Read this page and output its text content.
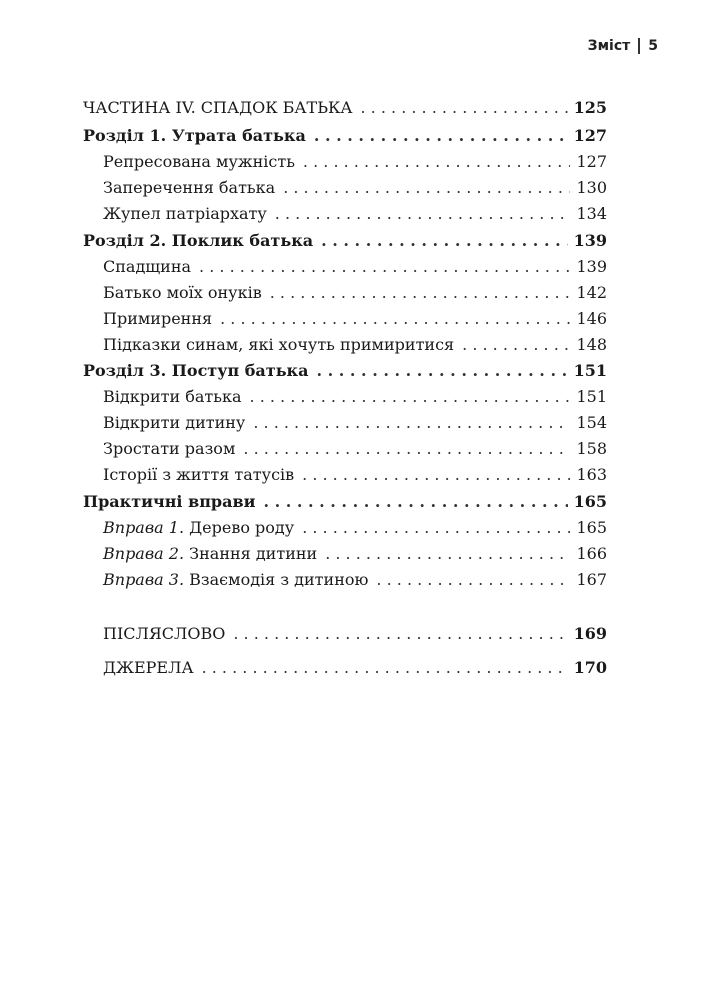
Зміст 5
ЧАСТИНА IV. СПАДОК БАТЬКА . . .	125
Розділ 1. Утрата батька . . .	127
Репресована мужність . . .	127
Заперечення батька . . .	130
Жупел патріархату . . .	134
Розділ 2. Поклик батька . . .	139
Спадщина . . .	139
Батько моїх онуків . . .	142
Примирення . . .	146
Підказки синам, які хочуть примиритися . . .	148
Розділ 3. Поступ батька . . .	151
Відкрити батька . . .	151
Відкрити дитину . . .	154
Зростати разом . . .	158
Історії з життя татусів . . .	163
Практичні вправи . . .	165
Вправа 1. Дерево роду . . .	165
Вправа 2. Знання дитини . . .	166
Вправа 3. Взаємодія з дитиною . . .	167
ПІСЛЯСЛОВО . . .	169
ДЖЕРЕЛА . . .	170
